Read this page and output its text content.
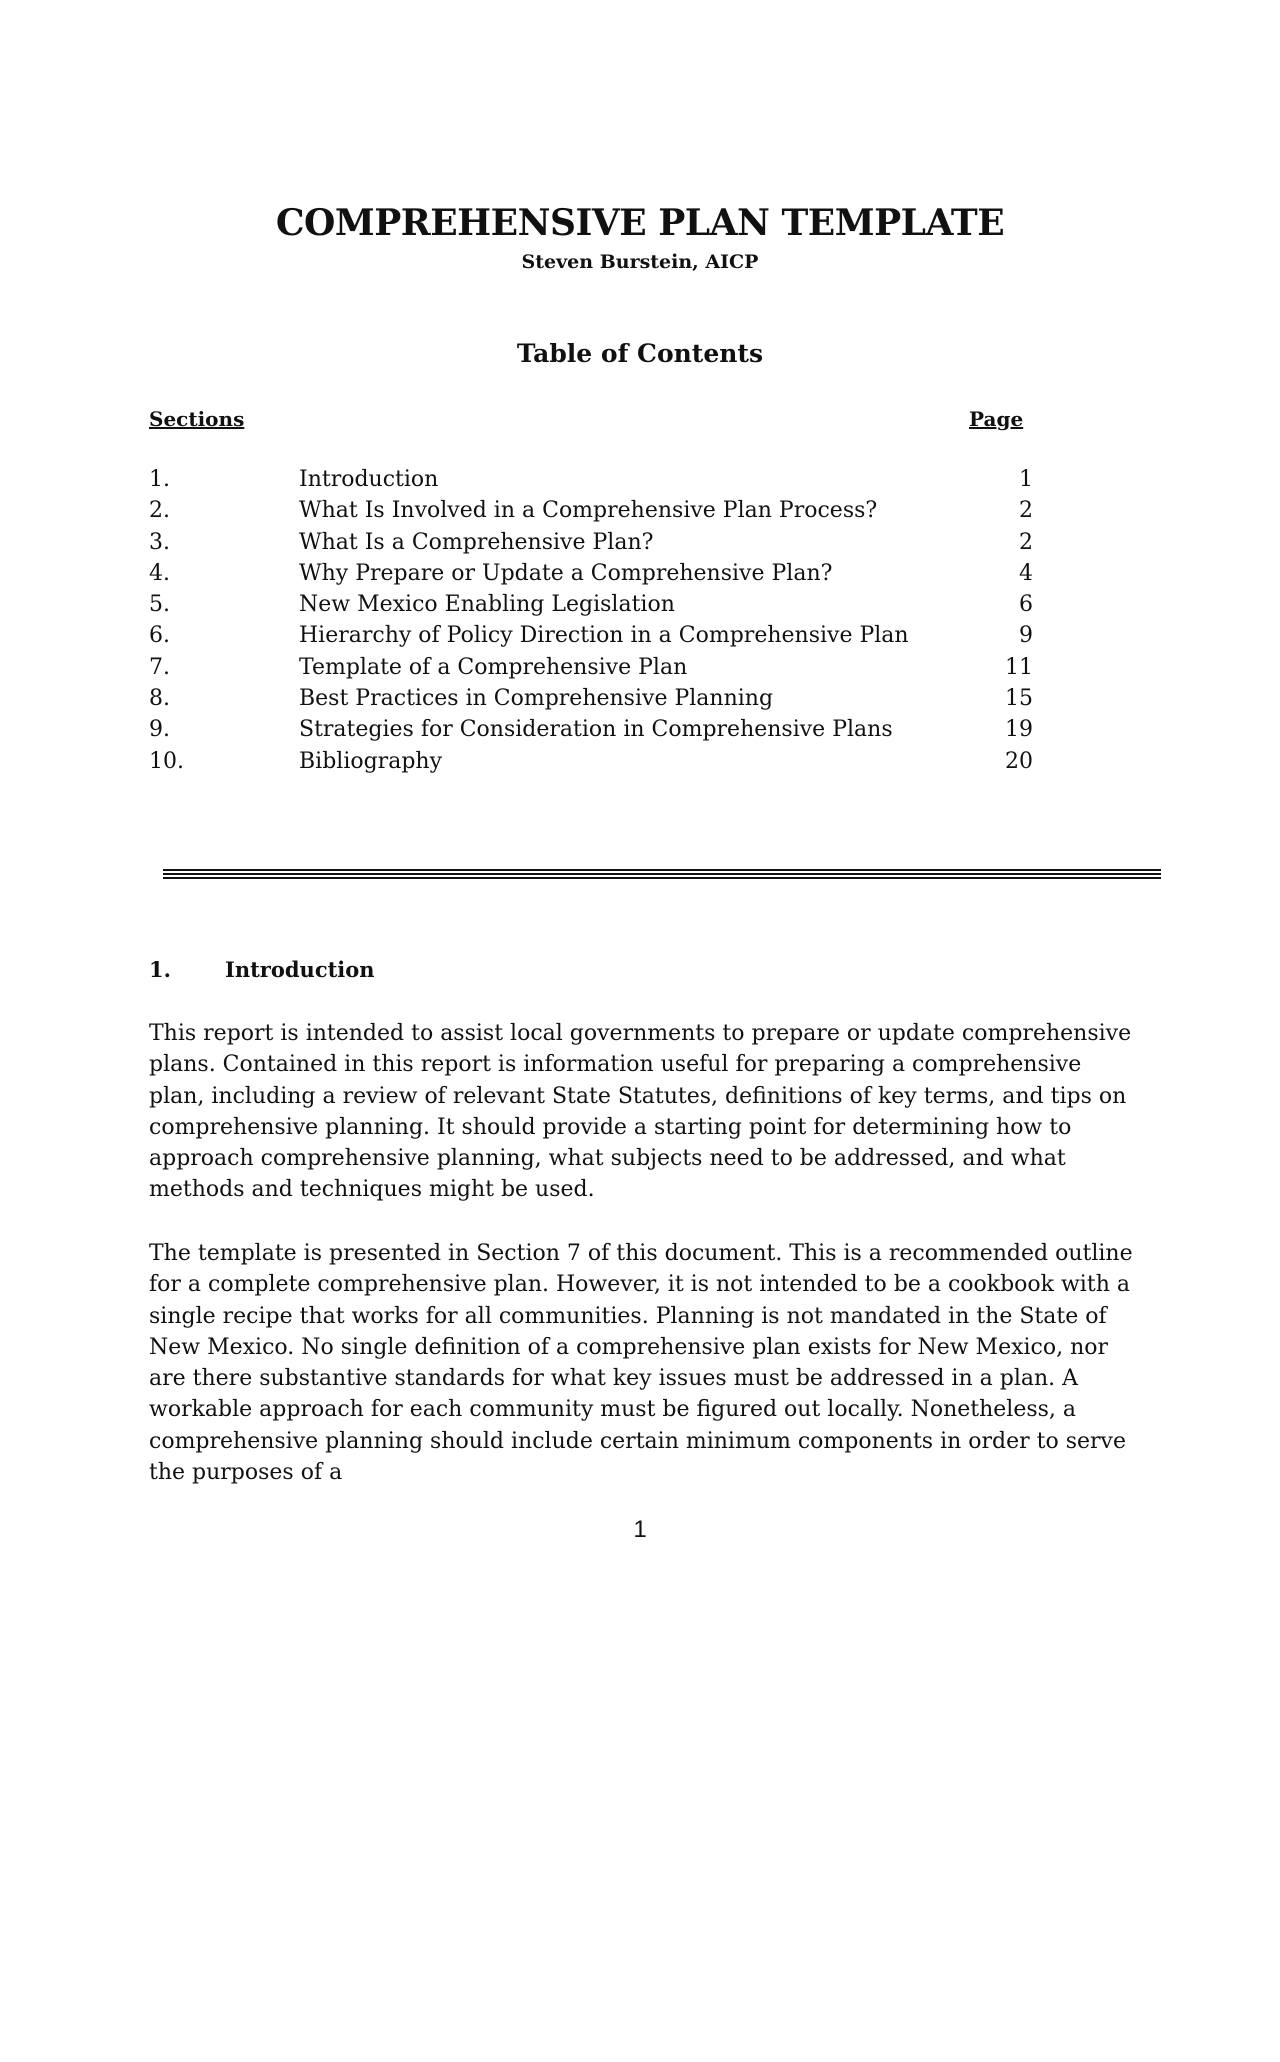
COMPREHENSIVE PLAN TEMPLATE
Steven Burstein, AICP
Table of Contents
Sections	Page
1.	Introduction	1
2.	What Is Involved in a Comprehensive Plan Process?	2
3.	What Is a Comprehensive Plan?	2
4.	Why Prepare or Update a Comprehensive Plan?	4
5.	New Mexico Enabling Legislation	6
6.	Hierarchy of Policy Direction in a Comprehensive Plan	9
7.	Template of a Comprehensive Plan	11
8.	Best Practices in Comprehensive Planning	15
9.	Strategies for Consideration in Comprehensive Plans	19
10.	Bibliography	20
1.	Introduction

This report is intended to assist local governments to prepare or update comprehensive plans. Contained in this report is information useful for preparing a comprehensive plan, including a review of relevant State Statutes, definitions of key terms, and tips on comprehensive planning. It should provide a starting point for determining how to approach comprehensive planning, what subjects need to be addressed, and what methods and techniques might be used.

The template is presented in Section 7 of this document. This is a recommended outline for a complete comprehensive plan. However, it is not intended to be a cookbook with a single recipe that works for all communities. Planning is not mandated in the State of New Mexico. No single definition of a comprehensive plan exists for New Mexico, nor are there substantive standards for what key issues must be addressed in a plan. A workable approach for each community must be figured out locally. Nonetheless, a comprehensive planning should include certain minimum components in order to serve the purposes of a

1
